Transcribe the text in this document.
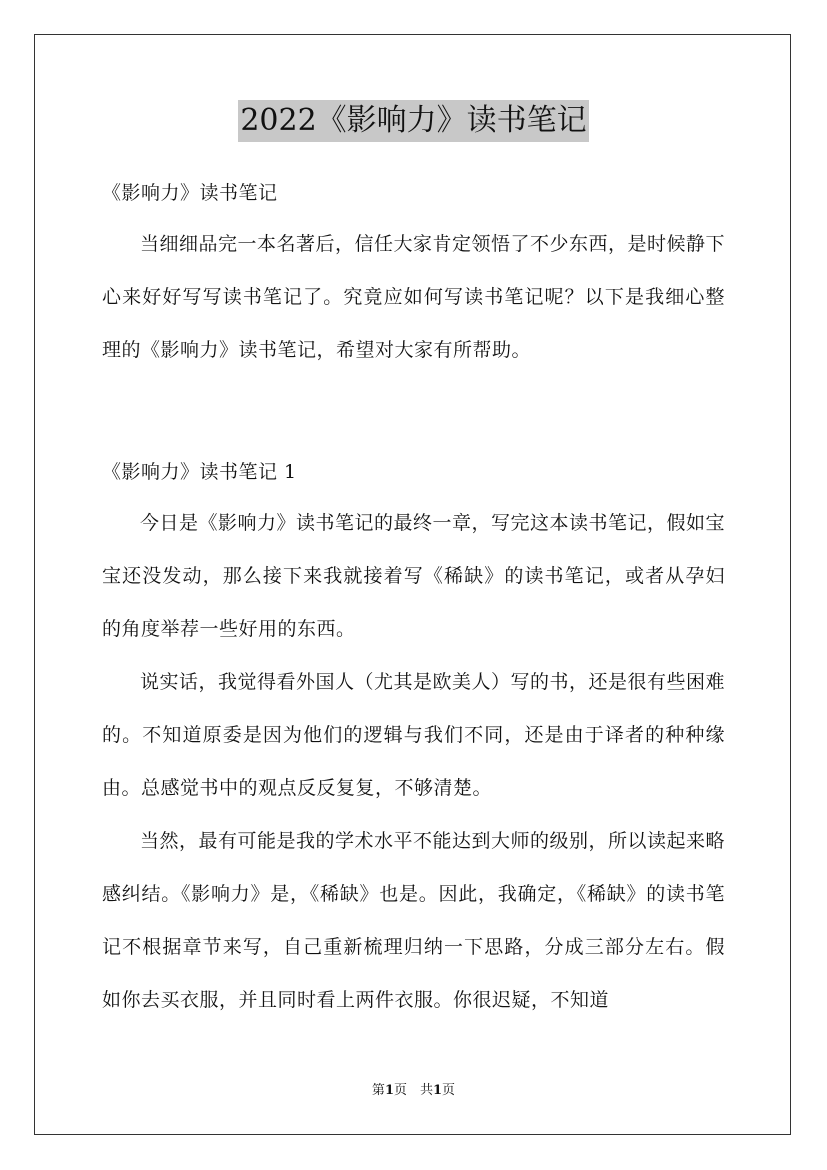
2022《影响力》读书笔记

《影响力》读书笔记

当细细品完一本名著后，信任大家肯定领悟了不少东西，是时候静下心来好好写写读书笔记了。究竟应如何写读书笔记呢？以下是我细心整理的《影响力》读书笔记，希望对大家有所帮助。

《影响力》读书笔记 1

今日是《影响力》读书笔记的最终一章，写完这本读书笔记，假如宝宝还没发动，那么接下来我就接着写《稀缺》的读书笔记，或者从孕妇的角度举荐一些好用的东西。

说实话，我觉得看外国人（尤其是欧美人）写的书，还是很有些困难的。不知道原委是因为他们的逻辑与我们不同，还是由于译者的种种缘由。总感觉书中的观点反反复复，不够清楚。

当然，最有可能是我的学术水平不能达到大师的级别，所以读起来略感纠结。《影响力》是，《稀缺》也是。因此，我确定，《稀缺》的读书笔记不根据章节来写，自己重新梳理归纳一下思路，分成三部分左右。假如你去买衣服，并且同时看上两件衣服。你很迟疑，不知道

第1页　共1页
